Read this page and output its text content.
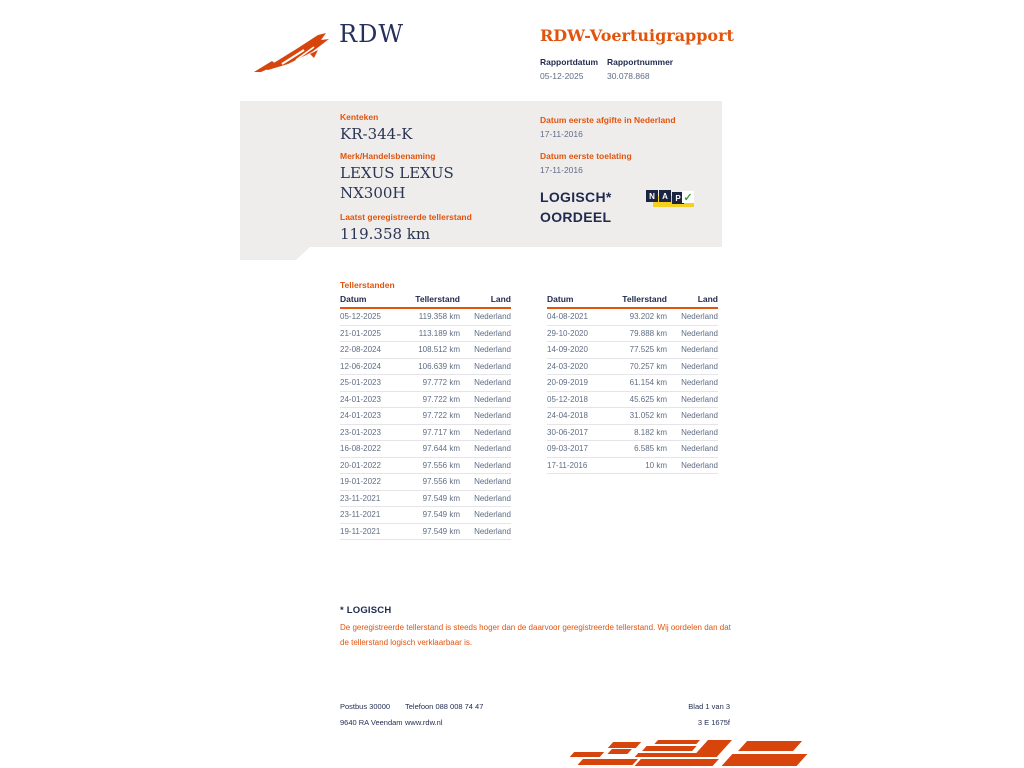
RDW	RDW-Voertuigrapport
Rapportdatum
05-12-2025
Rapportnummer
30.078.868
Kenteken
KR-344-K
Merk/Handelsbenaming
LEXUS LEXUS NX300H
Laatst geregistreerde tellerstand
119.358 km
Datum eerste afgifte in Nederland
17-11-2016
Datum eerste toelating
17-11-2016
LOGISCH*
OORDEEL
N A P ✓
Tellerstanden
Datum	Tellerstand	Land
05-12-2025	119.358 km	Nederland
21-01-2025	113.189 km	Nederland
22-08-2024	108.512 km	Nederland
12-06-2024	106.639 km	Nederland
25-01-2023	97.772 km	Nederland
24-01-2023	97.722 km	Nederland
24-01-2023	97.722 km	Nederland
23-01-2023	97.717 km	Nederland
16-08-2022	97.644 km	Nederland
20-01-2022	97.556 km	Nederland
19-01-2022	97.556 km	Nederland
23-11-2021	97.549 km	Nederland
23-11-2021	97.549 km	Nederland
19-11-2021	97.549 km	Nederland
Datum	Tellerstand	Land
04-08-2021	93.202 km	Nederland
29-10-2020	79.888 km	Nederland
14-09-2020	77.525 km	Nederland
24-03-2020	70.257 km	Nederland
20-09-2019	61.154 km	Nederland
05-12-2018	45.625 km	Nederland
24-04-2018	31.052 km	Nederland
30-06-2017	8.182 km	Nederland
09-03-2017	6.585 km	Nederland
17-11-2016	10 km	Nederland
* LOGISCH
De geregistreerde tellerstand is steeds hoger dan de daarvoor geregistreerde tellerstand. Wij oordelen dan dat de tellerstand logisch verklaarbaar is.
Postbus 30000	Telefoon 088 008 74 47	Blad 1 van 3
9640 RA Veendam www.rdw.nl	3 E 1675f
